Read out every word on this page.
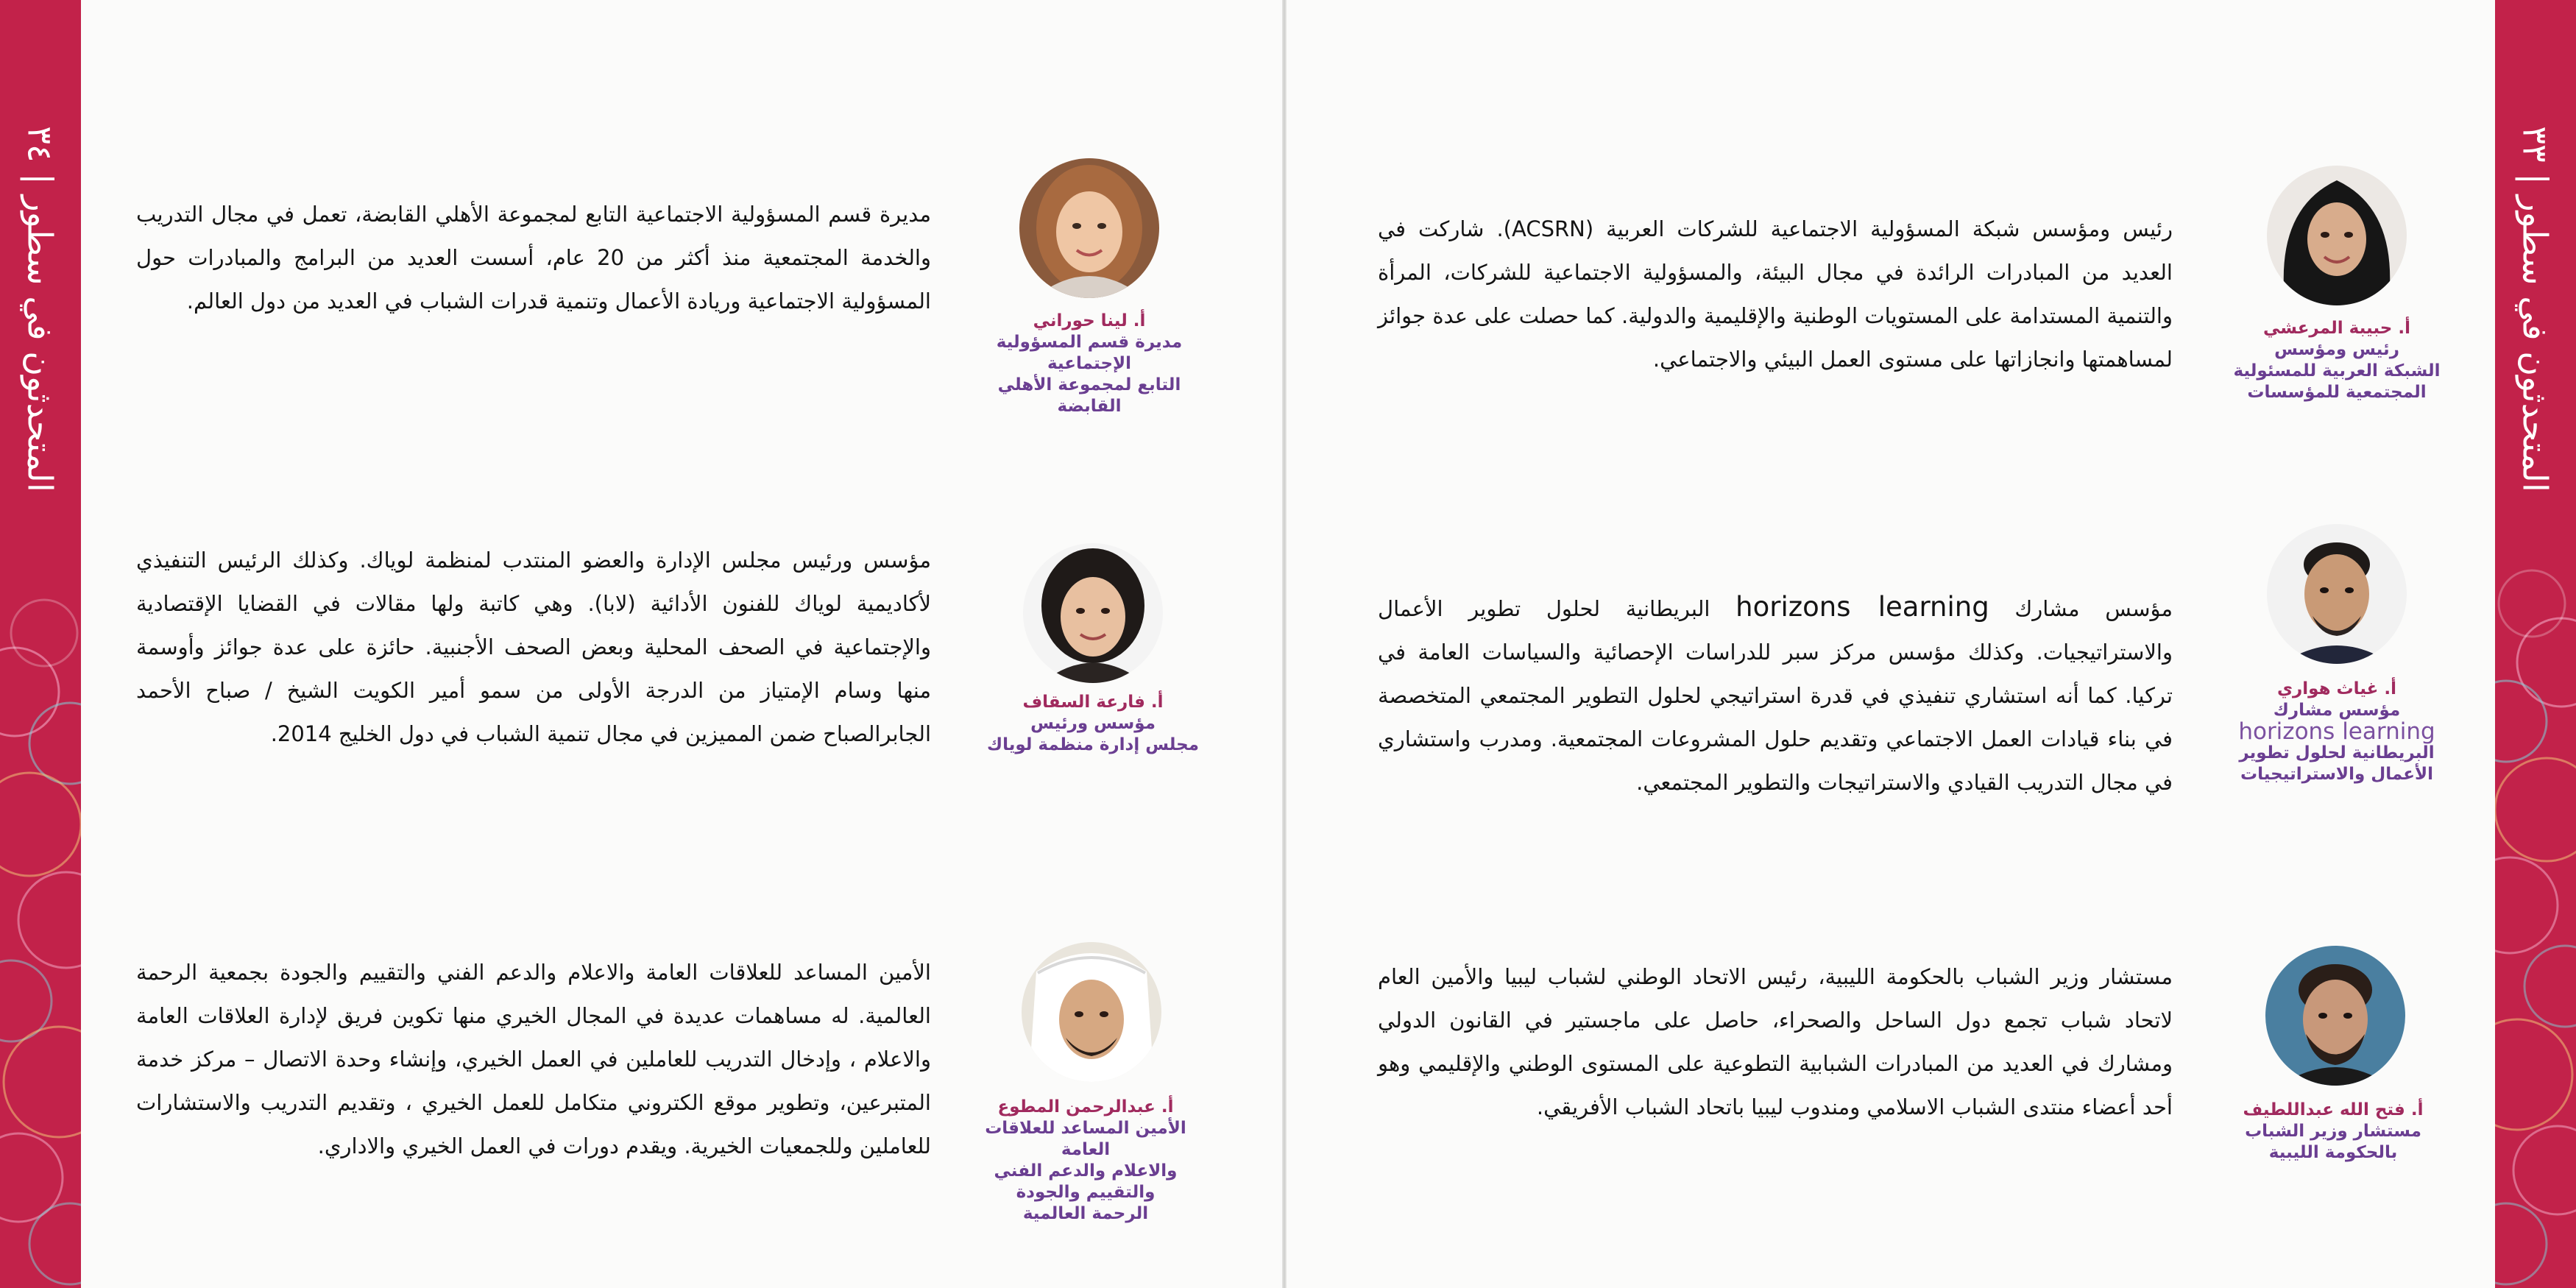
المتحدثون في سطور | ٣٤
المتحدثون في سطور | ٣٣
أ. لينا حوراني
مديرة قسم المسؤولية الإجتماعية
التابع لمجموعة الأهلي القابضة
مديرة قسم المسؤولية الاجتماعية التابع لمجموعة الأهلي القابضة، تعمل في مجال التدريب والخدمة المجتمعية منذ أكثر من 20 عام، أسست العديد من البرامج والمبادرات حول المسؤولية الاجتماعية وريادة الأعمال وتنمية قدرات الشباب في العديد من دول العالم.
أ. فارعة السقاف
مؤسس ورئيس
مجلس إدارة منظمة لوياك
مؤسس ورئيس مجلس الإدارة والعضو المنتدب لمنظمة لوياك. وكذلك الرئيس التنفيذي لأكاديمية لوياك للفنون الأدائية (لابا). وهي كاتبة ولها مقالات في القضايا الإقتصادية والإجتماعية في الصحف المحلية وبعض الصحف الأجنبية. حائزة على عدة جوائز وأوسمة منها وسام الإمتياز من الدرجة الأولى من سمو أمير الكويت الشيخ / صباح الأحمد الجابرالصباح ضمن المميزين في مجال تنمية الشباب في دول الخليج 2014.
أ. عبدالرحمن المطوع
الأمين المساعد للعلاقات العامة
والاعلام والدعم الفني
والتقييم والجودة
الرحمة العالمية
الأمين المساعد للعلاقات العامة والاعلام والدعم الفني والتقييم والجودة بجمعية الرحمة العالمية. له مساهمات عديدة في المجال الخيري منها تكوين فريق لإدارة العلاقات العامة والاعلام ، وإدخال التدريب للعاملين في العمل الخيري، وإنشاء وحدة الاتصال – مركز خدمة المتبرعين، وتطوير موقع الكتروني متكامل للعمل الخيري ، وتقديم التدريب والاستشارات للعاملين وللجمعيات الخيرية. ويقدم دورات في العمل الخيري والاداري.
أ. حبيبة المرعشي
رئيس ومؤسس
الشبكة العربية للمسئولية
المجتمعية للمؤسسات
رئيس ومؤسس شبكة المسؤولية الاجتماعية للشركات العربية (ACSRN). شاركت في العديد من المبادرات الرائدة في مجال البيئة، والمسؤولية الاجتماعية للشركات، المرأة والتنمية المستدامة على المستويات الوطنية والإقليمية والدولية. كما حصلت على عدة جوائز لمساهمتها وانجازاتها على مستوى العمل البيئي والاجتماعي.
أ. غياث هواري
مؤسس مشارك
horizons learning
البريطانية لحلول تطوير
الأعمال والاستراتيجيات
مؤسس مشارك horizons learning البريطانية لحلول تطوير الأعمال والاستراتيجيات. وكذلك مؤسس مركز سبر للدراسات الإحصائية والسياسات العامة في تركيا. كما أنه استشاري تنفيذي في قدرة استراتيجي لحلول التطوير المجتمعي المتخصصة في بناء قيادات العمل الاجتماعي وتقديم حلول المشروعات المجتمعية. ومدرب واستشاري في مجال التدريب القيادي والاستراتيجات والتطوير المجتمعي.
أ. فتح الله عبداللطيف
مستشار وزير الشباب
بالحكومة الليبية
مستشار وزير الشباب بالحكومة الليبية، رئيس الاتحاد الوطني لشباب ليبيا والأمين العام لاتحاد شباب تجمع دول الساحل والصحراء، حاصل على ماجستير في القانون الدولي ومشارك في العديد من المبادرات الشبابية التطوعية على المستوى الوطني والإقليمي وهو أحد أعضاء منتدى الشباب الاسلامي ومندوب ليبيا باتحاد الشباب الأفريقي.
